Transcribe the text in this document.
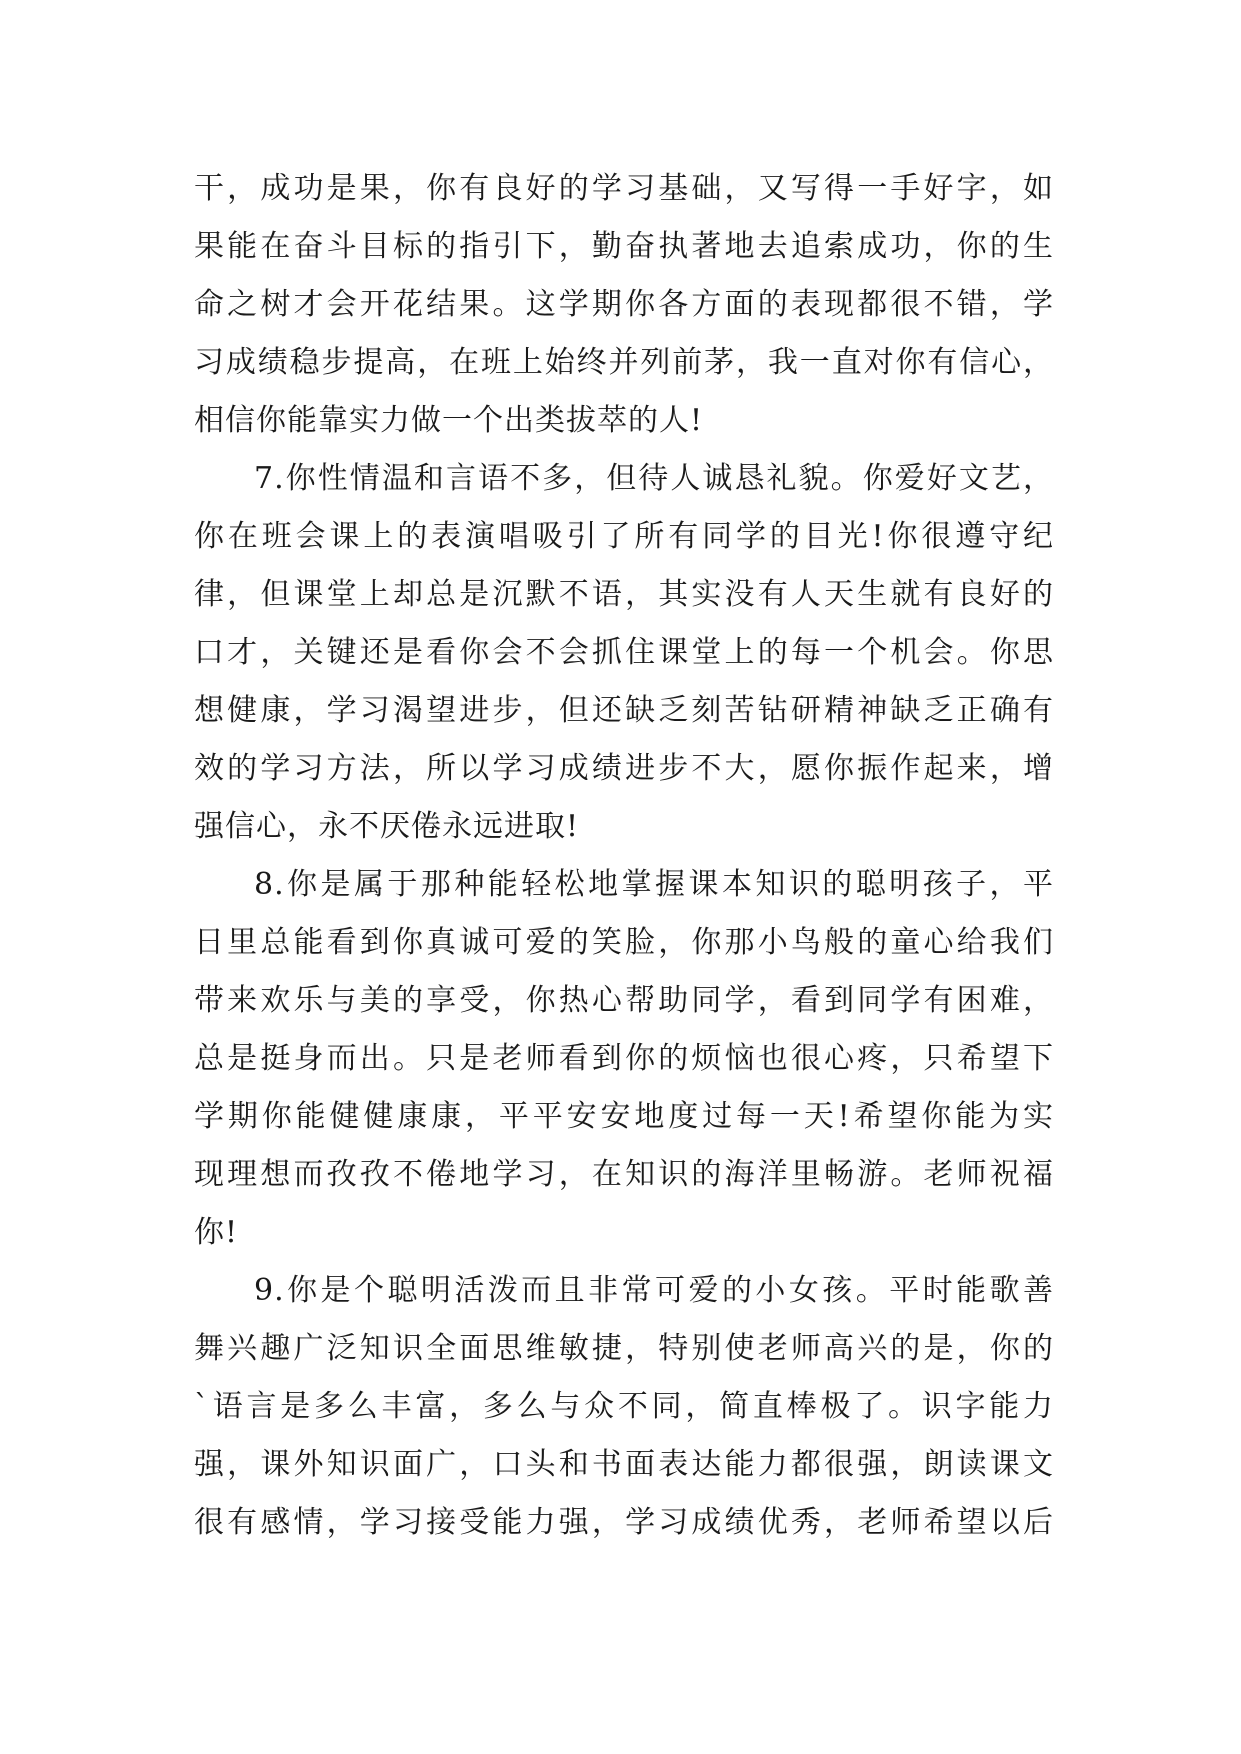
干，成功是果，你有良好的学习基础，又写得一手好字，如
果能在奋斗目标的指引下，勤奋执著地去追索成功，你的生
命之树才会开花结果。这学期你各方面的表现都很不错，学
习成绩稳步提高，在班上始终并列前茅，我一直对你有信心，
相信你能靠实力做一个出类拔萃的人!
7.你性情温和言语不多，但待人诚恳礼貌。你爱好文艺，
你在班会课上的表演唱吸引了所有同学的目光!你很遵守纪
律，但课堂上却总是沉默不语，其实没有人天生就有良好的
口才，关键还是看你会不会抓住课堂上的每一个机会。你思
想健康，学习渴望进步，但还缺乏刻苦钻研精神缺乏正确有
效的学习方法，所以学习成绩进步不大，愿你振作起来，增
强信心，永不厌倦永远进取!
8.你是属于那种能轻松地掌握课本知识的聪明孩子，平
日里总能看到你真诚可爱的笑脸，你那小鸟般的童心给我们
带来欢乐与美的享受，你热心帮助同学，看到同学有困难，
总是挺身而出。只是老师看到你的烦恼也很心疼，只希望下
学期你能健健康康，平平安安地度过每一天!希望你能为实
现理想而孜孜不倦地学习，在知识的海洋里畅游。老师祝福
你!
9.你是个聪明活泼而且非常可爱的小女孩。平时能歌善
舞兴趣广泛知识全面思维敏捷，特别使老师高兴的是，你的
`语言是多么丰富，多么与众不同，简直棒极了。识字能力
强，课外知识面广，口头和书面表达能力都很强，朗读课文
很有感情，学习接受能力强，学习成绩优秀，老师希望以后
